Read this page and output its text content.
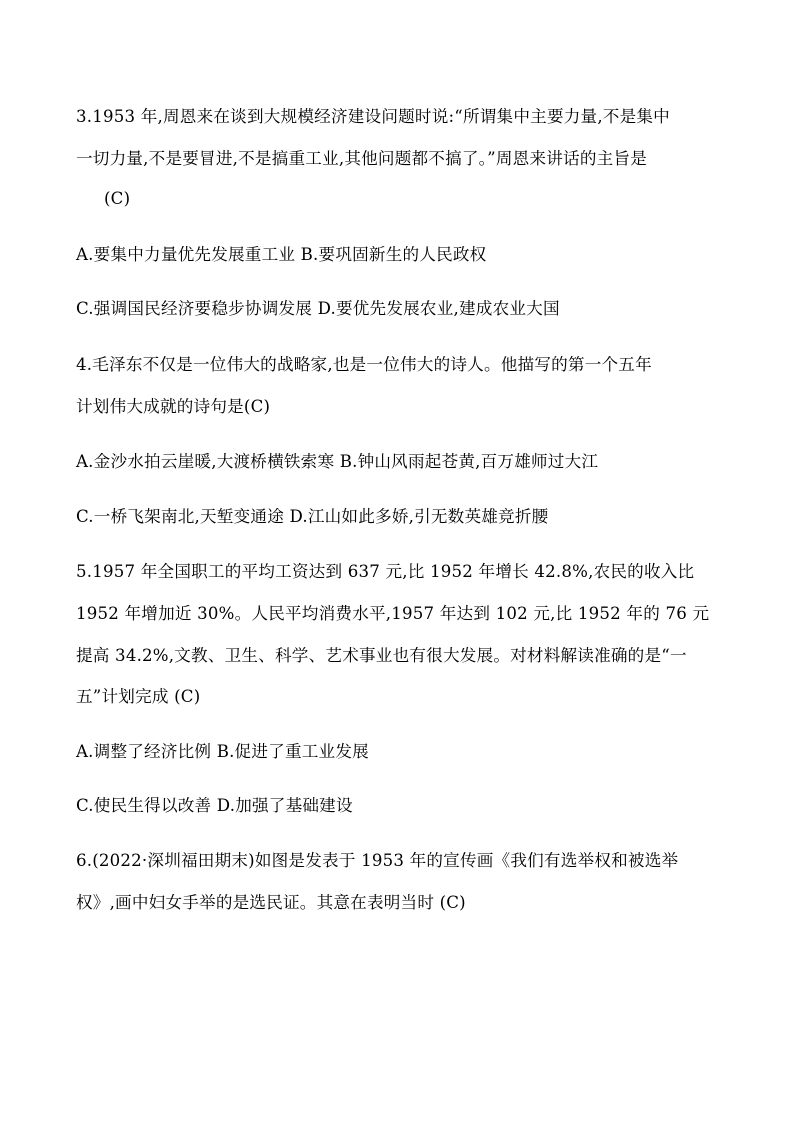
3.1953 年,周恩来在谈到大规模经济建设问题时说:“所谓集中主要力量,不是集中
一切力量,不是要冒进,不是搞重工业,其他问题都不搞了。”周恩来讲话的主旨是
(C)
A.要集中力量优先发展重工业 B.要巩固新生的人民政权
C.强调国民经济要稳步协调发展 D.要优先发展农业,建成农业大国
4.毛泽东不仅是一位伟大的战略家,也是一位伟大的诗人。他描写的第一个五年
计划伟大成就的诗句是(C)
A.金沙水拍云崖暖,大渡桥横铁索寒 B.钟山风雨起苍黄,百万雄师过大江
C.一桥飞架南北,天堑变通途 D.江山如此多娇,引无数英雄竞折腰
5.1957 年全国职工的平均工资达到 637 元,比 1952 年增长 42.8%,农民的收入比
1952 年增加近 30%。人民平均消费水平,1957 年达到 102 元,比 1952 年的 76 元
提高 34.2%,文教、卫生、科学、艺术事业也有很大发展。对材料解读准确的是“一
五”计划完成 (C)
A.调整了经济比例 B.促进了重工业发展
C.使民生得以改善 D.加强了基础建设
6.(2022·深圳福田期末)如图是发表于 1953 年的宣传画《我们有选举权和被选举
权》,画中妇女手举的是选民证。其意在表明当时 (C)
